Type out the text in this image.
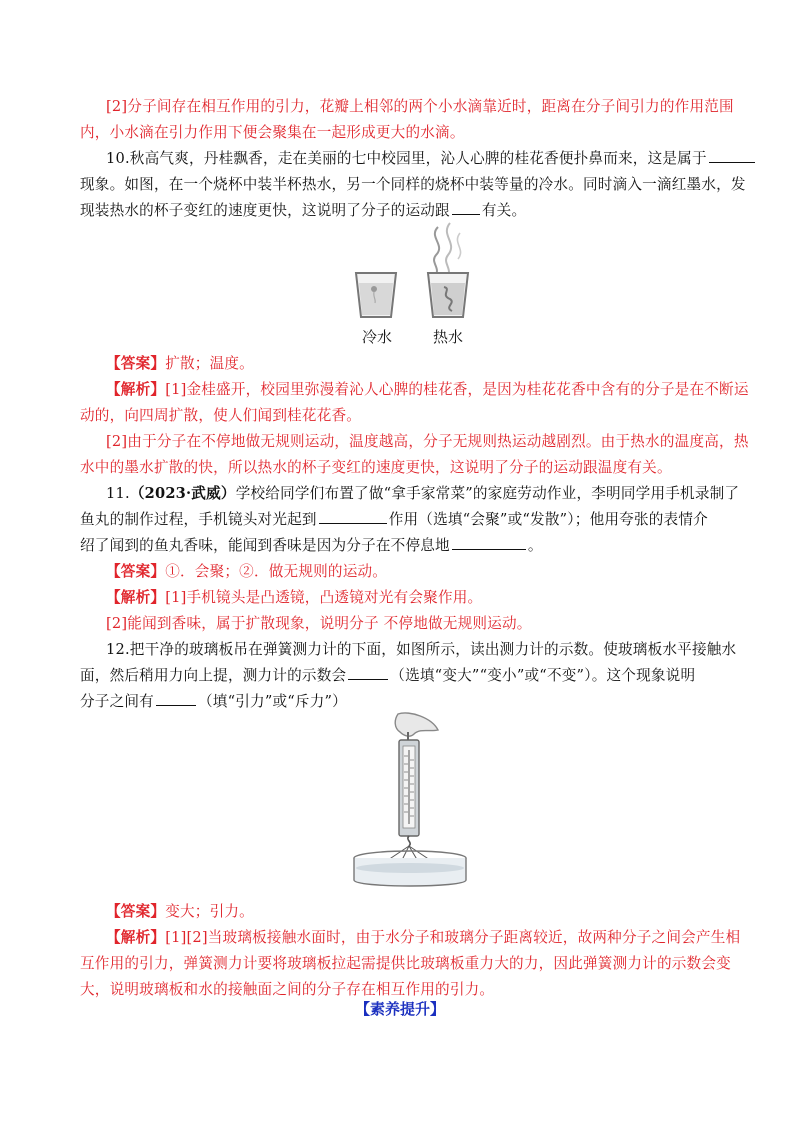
[2]分子间存在相互作用的引力，花瓣上相邻的两个小水滴靠近时，距离在分子间引力的作用范围
内，小水滴在引力作用下便会聚集在一起形成更大的水滴。
10.秋高气爽，丹桂飘香，走在美丽的七中校园里，沁人心脾的桂花香便扑鼻而来，这是属于
现象。如图，在一个烧杯中装半杯热水，另一个同样的烧杯中装等量的冷水。同时滴入一滴红墨水，发
现装热水的杯子变红的速度更快，这说明了分子的运动跟 有关。
冷水	热水
【答案】扩散；温度。
【解析】[1]金桂盛开，校园里弥漫着沁人心脾的桂花香，是因为桂花花香中含有的分子是在不断运
动的，向四周扩散，使人们闻到桂花花香。
[2]由于分子在不停地做无规则运动，温度越高，分子无规则热运动越剧烈。由于热水的温度高，热
水中的墨水扩散的快，所以热水的杯子变红的速度更快，这说明了分子的运动跟温度有关。
11.（2023·武威）学校给同学们布置了做“拿手家常菜”的家庭劳动作业，李明同学用手机录制了
鱼丸的制作过程，手机镜头对光起到	作用（选填“会聚”或“发散”）；他用夸张的表情介
绍了闻到的鱼丸香味，能闻到香味是因为分子在不停息地	。
【答案】①．会聚；②．做无规则的运动。
【解析】[1]手机镜头是凸透镜，凸透镜对光有会聚作用。
[2]能闻到香味，属于扩散现象，说明分子 不停地做无规则运动。
12.把干净的玻璃板吊在弹簧测力计的下面，如图所示，读出测力计的示数。使玻璃板水平接触水
面，然后稍用力向上提，测力计的示数会	（选填“变大”“变小”或“不变”）。这个现象说明
分子之间有	（填“引力”或“斥力”）
【答案】变大；引力。
【解析】[1][2]当玻璃板接触水面时，由于水分子和玻璃分子距离较近，故两种分子之间会产生相
互作用的引力，弹簧测力计要将玻璃板拉起需提供比玻璃板重力大的力，因此弹簧测力计的示数会变
大，说明玻璃板和水的接触面之间的分子存在相互作用的引力。
【素养提升】
